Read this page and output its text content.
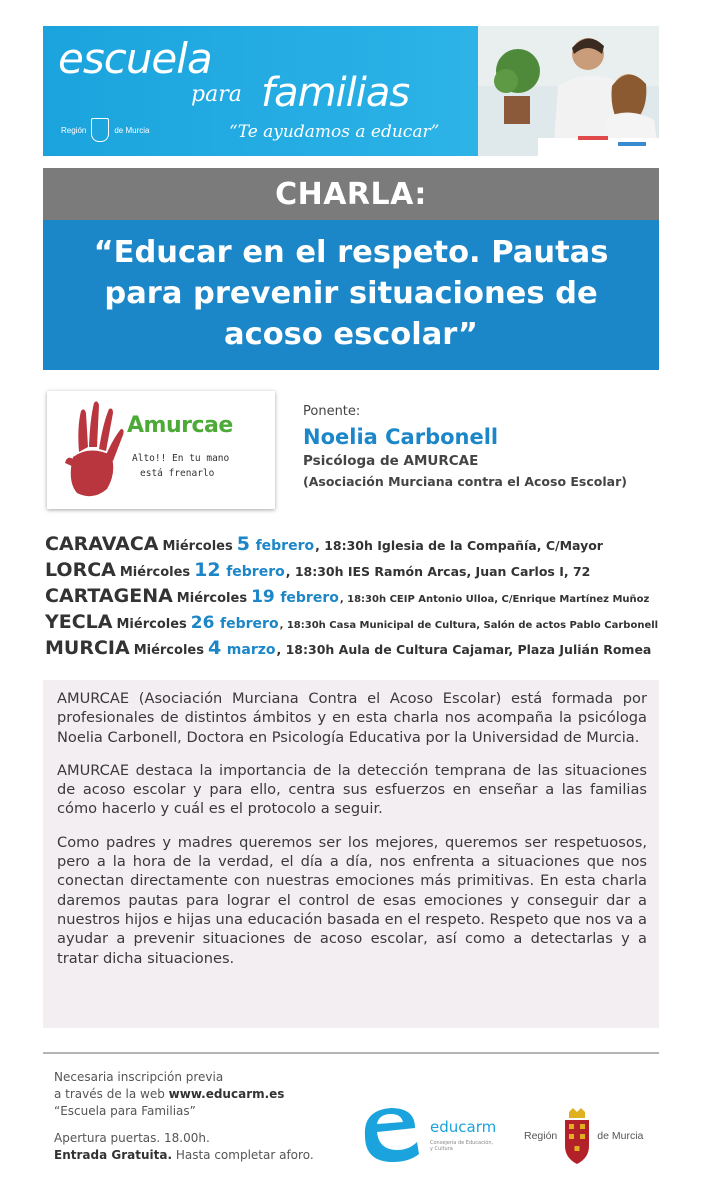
escuela
familias
para
“Te ayudamos a educar”
Región	de Murcia
CHARLA:
“Educar en el respeto. Pautas
para prevenir situaciones de
acoso escolar”
Amurcae
Alto!! En tu mano
está frenarlo
Ponente:
Noelia Carbonell
Psicóloga de AMURCAE
(Asociación Murciana contra el Acoso Escolar)
CARAVACA Miércoles 5 febrero , 18:30h Iglesia de la Compañía, C/Mayor
LORCA Miércoles 12 febrero , 18:30h IES Ramón Arcas, Juan Carlos I, 72
CARTAGENA Miércoles 19 febrero , 18:30h CEIP Antonio Ulloa, C/Enrique Martínez Muñoz
YECLA Miércoles 26 febrero , 18:30h Casa Municipal de Cultura, Salón de actos Pablo Carbonell
MURCIA Miércoles 4 marzo , 18:30h Aula de Cultura Cajamar, Plaza Julián Romea

AMURCAE (Asociación Murciana Contra el Acoso Escolar) está formada por profesionales de distintos ámbitos y en esta charla nos acompaña la psicóloga Noelia Carbonell, Doctora en Psicología Educativa por la Universidad de Murcia.

AMURCAE destaca la importancia de la detección temprana de las situaciones de acoso escolar y para ello, centra sus esfuerzos en enseñar a las familias cómo hacerlo y cuál es el protocolo a seguir.

Como padres y madres queremos ser los mejores, queremos ser respetuosos, pero a la hora de la verdad, el día a día, nos enfrenta a situaciones que nos conectan directamente con nuestras emociones más primitivas. En esta charla daremos pautas para lograr el control de esas emociones y conseguir dar a nuestros hijos e hijas una educación basada en el respeto. Respeto que nos va a ayudar a prevenir situaciones de acoso escolar, así como a detectarlas y a tratar dicha situaciones.

Necesaria inscripción previa
a través de la web www.educarm.es
“Escuela para Familias”
Apertura puertas. 18.00h.
Entrada Gratuita. Hasta completar aforo.
educarm
Consejería de Educación,
y Cultura
Región	de Murcia
